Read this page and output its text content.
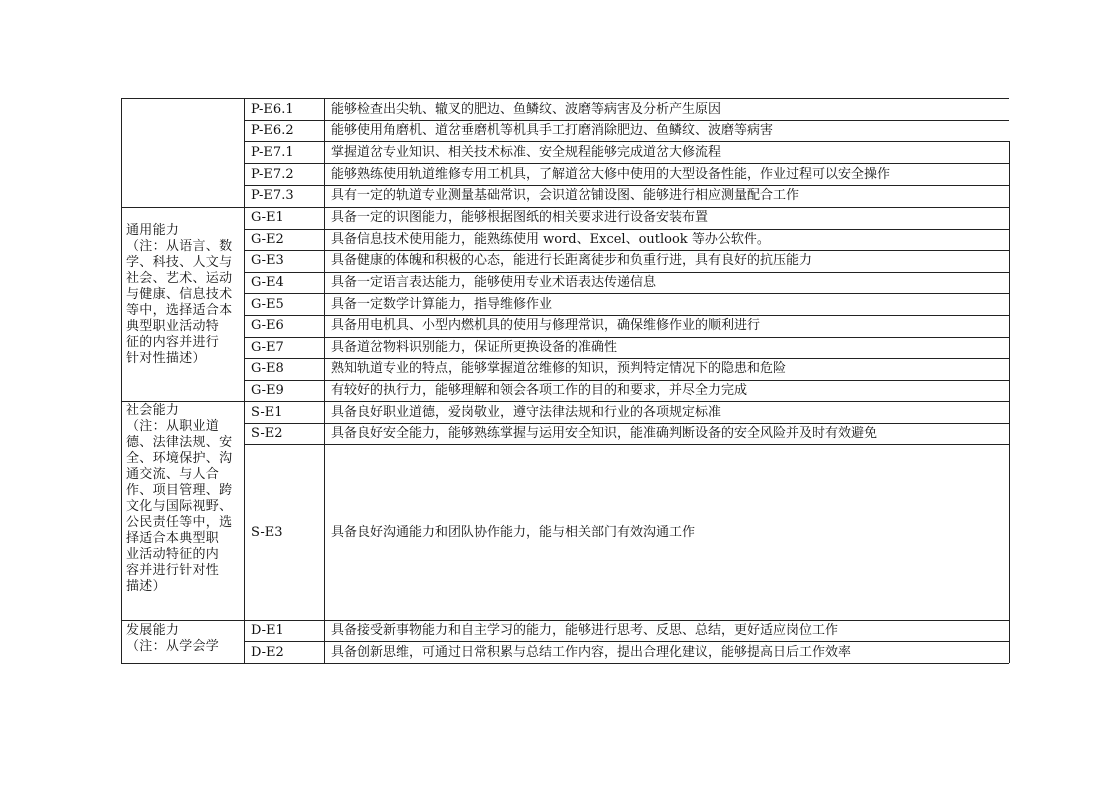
通用能力
（注：从语言、数
学、科技、人文与
社会、艺术、运动
与健康、信息技术
等中，选择适合本
典型职业活动特
征的内容并进行
针对性描述）
社会能力
（注：从职业道
德、法律法规、安
全、环境保护、沟
通交流、与人合
作、项目管理、跨
文化与国际视野、
公民责任等中，选
择适合本典型职
业活动特征的内
容并进行针对性
描述）
发展能力
（注：从学会学
P-E6.1
P-E6.2
P-E7.1
P-E7.2
P-E7.3
G-E1
G-E2
G-E3
G-E4
G-E5
G-E6
G-E7
G-E8
G-E9
S-E1
S-E2
S-E3
D-E1
D-E2
能够检查出尖轨、辙叉的肥边、鱼鳞纹、波磨等病害及分析产生原因
能够使用角磨机、道岔垂磨机等机具手工打磨消除肥边、鱼鳞纹、波磨等病害
掌握道岔专业知识、相关技术标准、安全规程能够完成道岔大修流程
能够熟练使用轨道维修专用工机具，了解道岔大修中使用的大型设备性能，作业过程可以安全操作
具有一定的轨道专业测量基础常识，会识道岔铺设图、能够进行相应测量配合工作
具备一定的识图能力，能够根据图纸的相关要求进行设备安装布置
具备信息技术使用能力，能熟练使用 word、Excel、outlook 等办公软件。
具备健康的体魄和积极的心态，能进行长距离徒步和负重行进，具有良好的抗压能力
具备一定语言表达能力，能够使用专业术语表达传递信息
具备一定数学计算能力，指导维修作业
具备用电机具、小型内燃机具的使用与修理常识，确保维修作业的顺利进行
具备道岔物料识别能力，保证所更换设备的准确性
熟知轨道专业的特点，能够掌握道岔维修的知识，预判特定情况下的隐患和危险
有较好的执行力，能够理解和领会各项工作的目的和要求，并尽全力完成
具备良好职业道德，爱岗敬业，遵守法律法规和行业的各项规定标准
具备良好安全能力，能够熟练掌握与运用安全知识，能准确判断设备的安全风险并及时有效避免
具备良好沟通能力和团队协作能力，能与相关部门有效沟通工作
具备接受新事物能力和自主学习的能力，能够进行思考、反思、总结，更好适应岗位工作
具备创新思维，可通过日常积累与总结工作内容，提出合理化建议，能够提高日后工作效率
